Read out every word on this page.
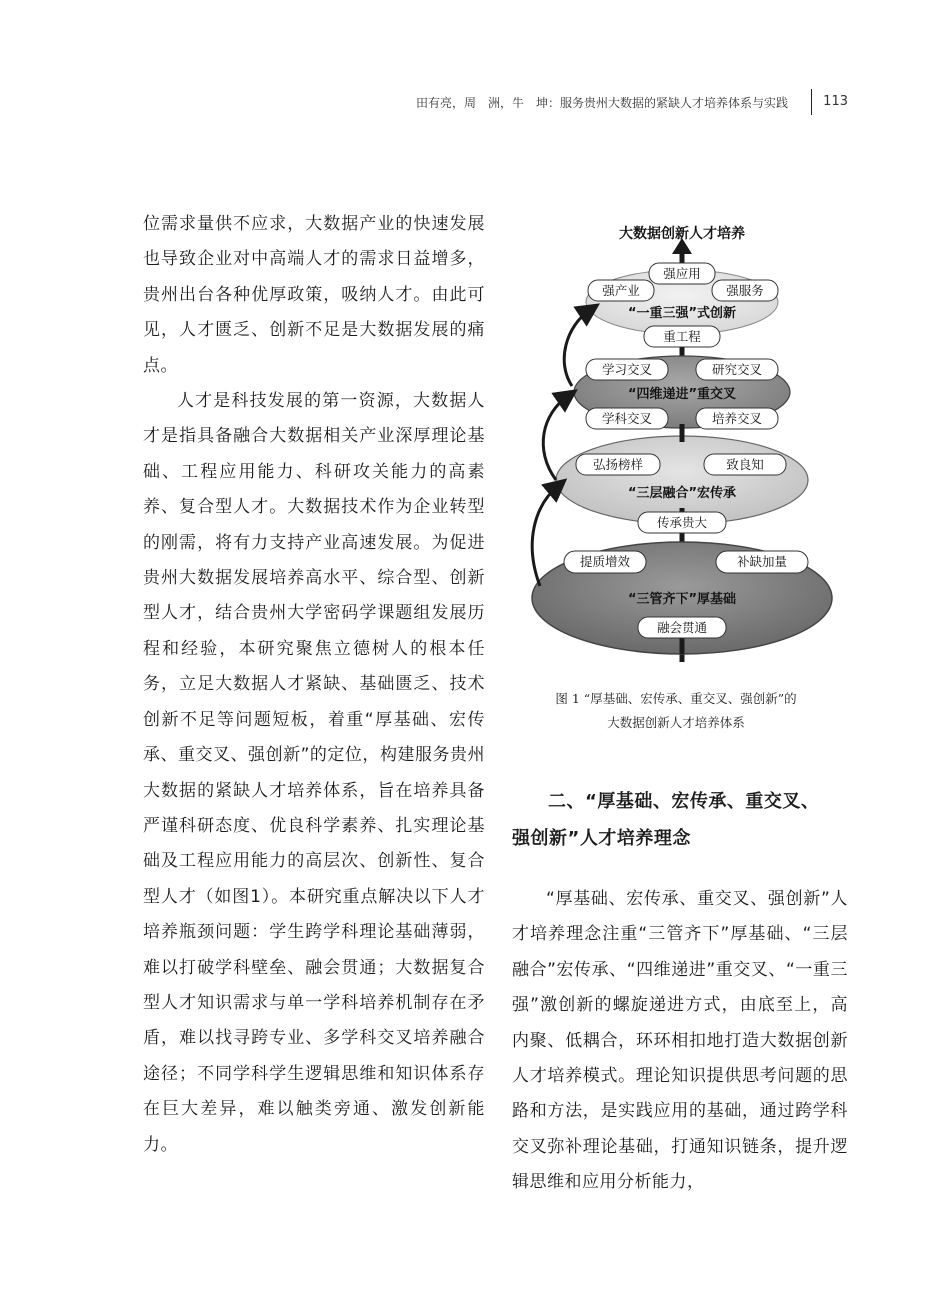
田有亮，周　洲，牛　坤：服务贵州大数据的紧缺人才培养体系与实践	113

位需求量供不应求，大数据产业的快速发展也导致企业对中高端人才的需求日益增多，贵州出台各种优厚政策，吸纳人才。由此可见，人才匮乏、创新不足是大数据发展的痛点。

人才是科技发展的第一资源，大数据人才是指具备融合大数据相关产业深厚理论基础、工程应用能力、科研攻关能力的高素养、复合型人才。大数据技术作为企业转型的刚需，将有力支持产业高速发展。为促进贵州大数据发展培养高水平、综合型、创新型人才，结合贵州大学密码学课题组发展历程和经验，本研究聚焦立德树人的根本任务，立足大数据人才紧缺、基础匮乏、技术创新不足等问题短板，着重“厚基础、宏传承、重交叉、强创新”的定位，构建服务贵州大数据的紧缺人才培养体系，旨在培养具备严谨科研态度、优良科学素养、扎实理论基础及工程应用能力的高层次、创新性、复合型人才（如图1）。本研究重点解决以下人才培养瓶颈问题：学生跨学科理论基础薄弱，难以打破学科壁垒、融会贯通；大数据复合型人才知识需求与单一学科培养机制存在矛盾，难以找寻跨专业、多学科交叉培养融合途径；不同学科学生逻辑思维和知识体系存在巨大差异，难以触类旁通、激发创新能力。

大数据创新人才培养
强应用
强产业	强服务
“一重三强”式创新
重工程
学习交叉	研究交叉
“四维递进”重交叉
学科交叉	培养交叉
弘扬榜样	致良知
“三层融合”宏传承
传承贵大
提质增效	补缺加量
“三管齐下”厚基础
融会贯通

图 1 “厚基础、宏传承、重交叉、强创新”的

大数据创新人才培养体系

二、“厚基础、宏传承、重交叉、

强创新”人才培养理念

“厚基础、宏传承、重交叉、强创新”人才培养理念注重“三管齐下”厚基础、“三层融合”宏传承、“四维递进”重交叉、“一重三强”激创新的螺旋递进方式，由底至上，高内聚、低耦合，环环相扣地打造大数据创新人才培养模式。理论知识提供思考问题的思路和方法，是实践应用的基础，通过跨学科交叉弥补理论基础，打通知识链条，提升逻辑思维和应用分析能力，
